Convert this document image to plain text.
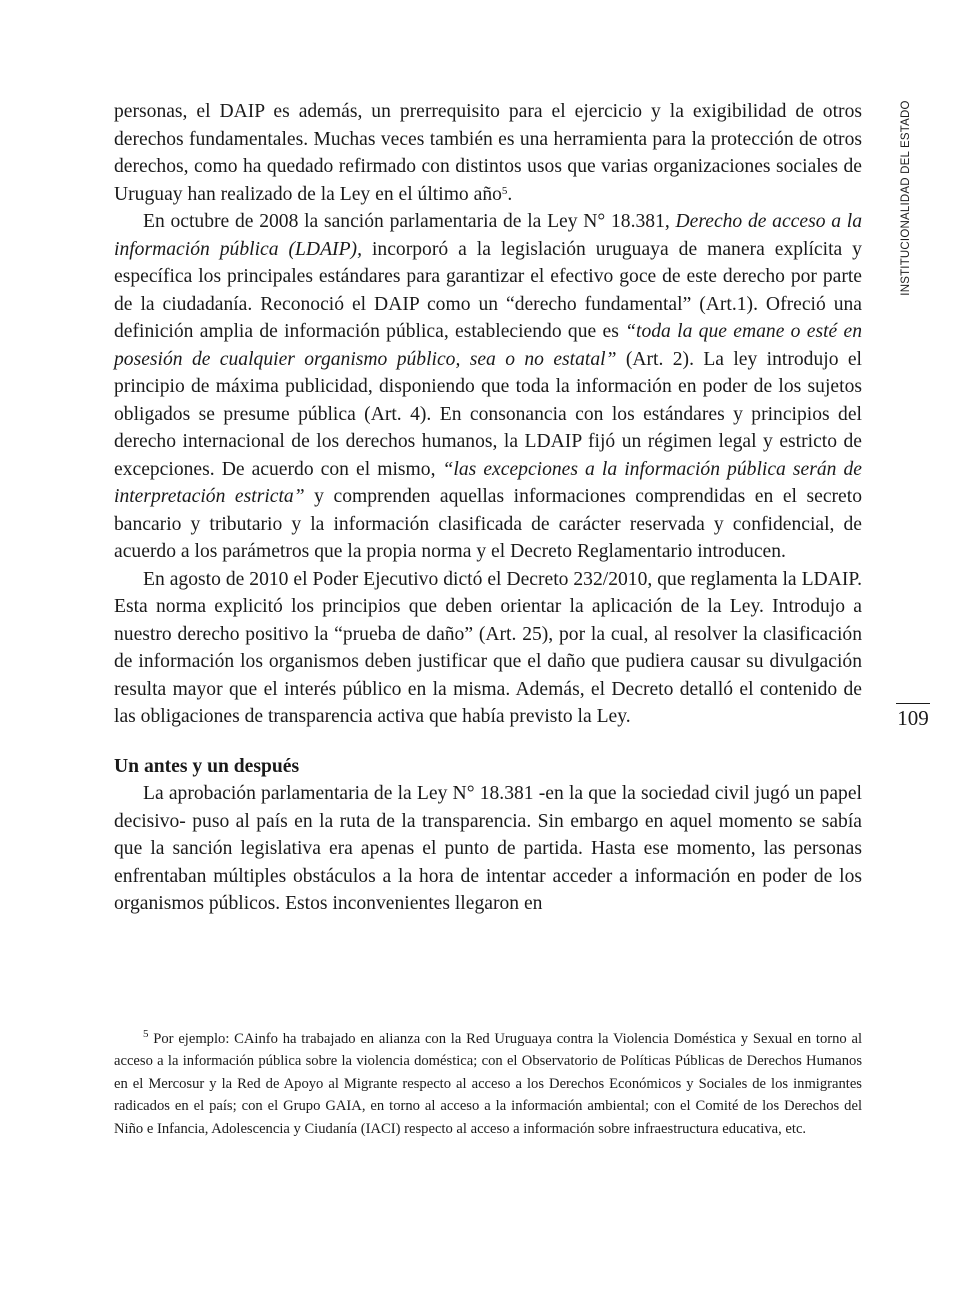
INSTITUCIONALIDAD DEL ESTADO
109

personas, el DAIP es además, un prerrequisito para el ejercicio y la exigibilidad de otros derechos fundamentales. Muchas veces también es una herramienta para la protección de otros derechos, como ha quedado refirmado con distintos usos que varias organizaciones sociales de Uruguay han realizado de la Ley en el último año$^5$.

En octubre de 2008 la sanción parlamentaria de la Ley N° 18.381, Derecho de acceso a la información pública (LDAIP), incorporó a la legislación uruguaya de manera explícita y específica los principales estándares para garantizar el efectivo goce de este derecho por parte de la ciudadanía. Reconoció el DAIP como un “derecho fundamental” (Art.1). Ofreció una definición amplia de información pública, estableciendo que es “toda la que emane o esté en posesión de cualquier organismo público, sea o no estatal” (Art. 2). La ley introdujo el principio de máxima publicidad, disponiendo que toda la información en poder de los sujetos obligados se presume pública (Art. 4). En consonancia con los estándares y principios del derecho internacional de los derechos humanos, la LDAIP fijó un régimen legal y estricto de excepciones. De acuerdo con el mismo, “las excepciones a la información pública serán de interpretación estricta” y comprenden aquellas informaciones comprendidas en el secreto bancario y tributario y la información clasificada de carácter reservada y confidencial, de acuerdo a los parámetros que la propia norma y el Decreto Reglamentario introducen.

En agosto de 2010 el Poder Ejecutivo dictó el Decreto 232/2010, que reglamenta la LDAIP. Esta norma explicitó los principios que deben orientar la aplicación de la Ley. Introdujo a nuestro derecho positivo la “prueba de daño” (Art. 25), por la cual, al resolver la clasificación de información los organismos deben justificar que el daño que pudiera causar su divulgación resulta mayor que el interés público en la misma. Además, el Decreto detalló el contenido de las obligaciones de transparencia activa que había previsto la Ley.

Un antes y un después

La aprobación parlamentaria de la Ley N° 18.381 -en la que la sociedad civil jugó un papel decisivo- puso al país en la ruta de la transparencia. Sin embargo en aquel momento se sabía que la sanción legislativa era apenas el punto de partida. Hasta ese momento, las personas enfrentaban múltiples obstáculos a la hora de intentar acceder a información en poder de los organismos públicos. Estos inconvenientes llegaron en

$^5$ Por ejemplo: CAinfo ha trabajado en alianza con la Red Uruguaya contra la Violencia Doméstica y Sexual en torno al acceso a la información pública sobre la violencia doméstica; con el Observatorio de Políticas Públicas de Derechos Humanos en el Mercosur y la Red de Apoyo al Migrante respecto al acceso a los Derechos Económicos y Sociales de los inmigrantes radicados en el país; con el Grupo GAIA, en torno al acceso a la información ambiental; con el Comité de los Derechos del Niño e Infancia, Adolescencia y Ciudanía (IACI) respecto al acceso a información sobre infraestructura educativa, etc.
